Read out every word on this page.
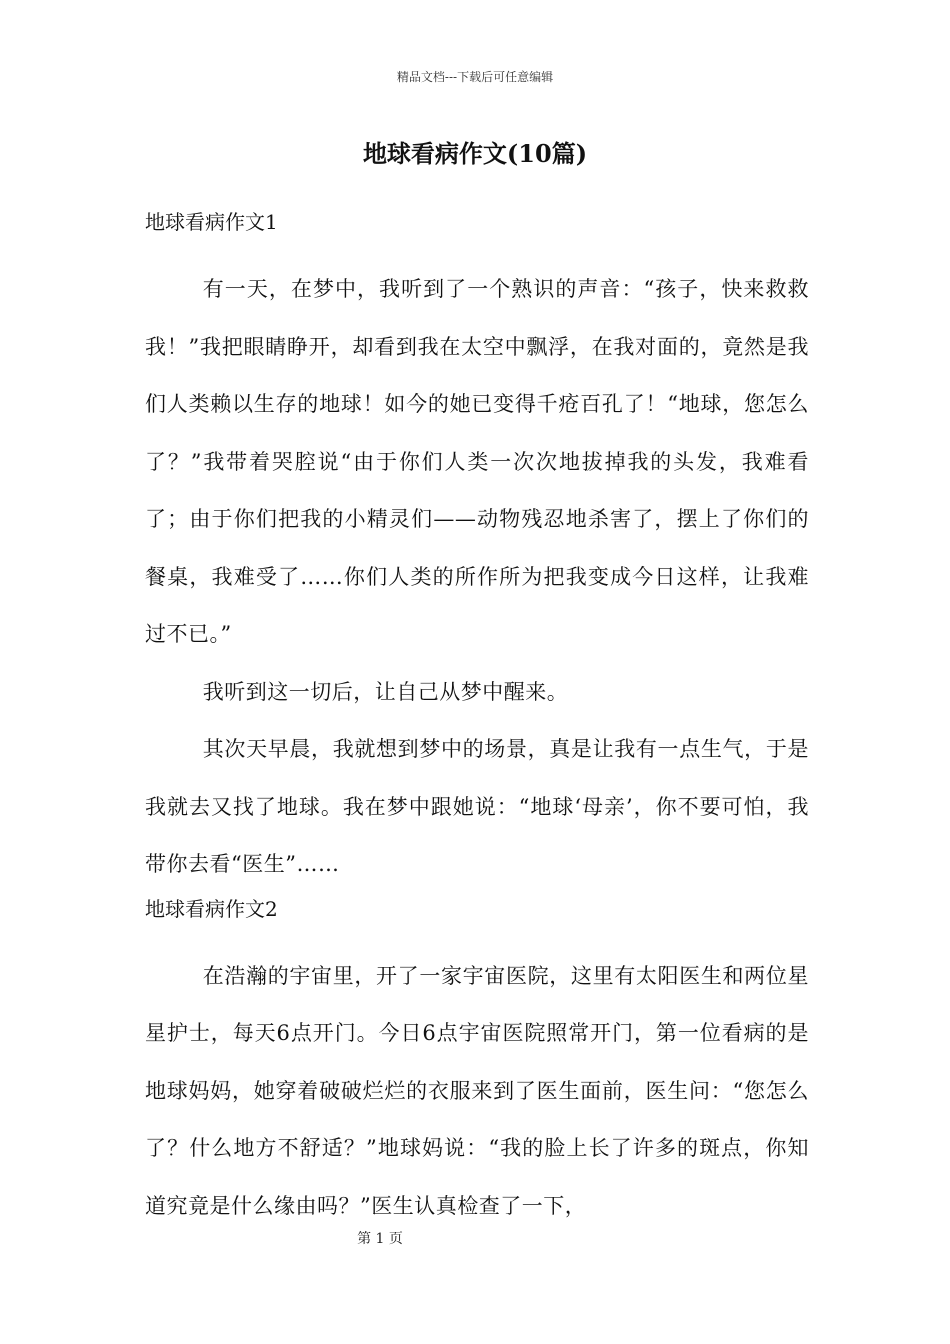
精品文档---下载后可任意编辑
地球看病作文(10篇)
地球看病作文1

有一天，在梦中，我听到了一个熟识的声音：“孩子，快来救救我！”我把眼睛睁开，却看到我在太空中飘浮，在我对面的，竟然是我们人类赖以生存的地球！如今的她已变得千疮百孔了！“地球，您怎么了？”我带着哭腔说“由于你们人类一次次地拔掉我的头发，我难看了；由于你们把我的小精灵们——动物残忍地杀害了，摆上了你们的餐桌，我难受了……你们人类的所作所为把我变成今日这样，让我难过不已。”

我听到这一切后，让自己从梦中醒来。

其次天早晨，我就想到梦中的场景，真是让我有一点生气，于是我就去又找了地球。我在梦中跟她说：“地球‘母亲’，你不要可怕，我带你去看“医生”……

地球看病作文2

在浩瀚的宇宙里，开了一家宇宙医院，这里有太阳医生和两位星星护士，每天6点开门。今日6点宇宙医院照常开门，第一位看病的是地球妈妈，她穿着破破烂烂的衣服来到了医生面前，医生问：“您怎么了？什么地方不舒适？”地球妈说：“我的脸上长了许多的斑点，你知道究竟是什么缘由吗？”医生认真检查了一下，

第 1 页
